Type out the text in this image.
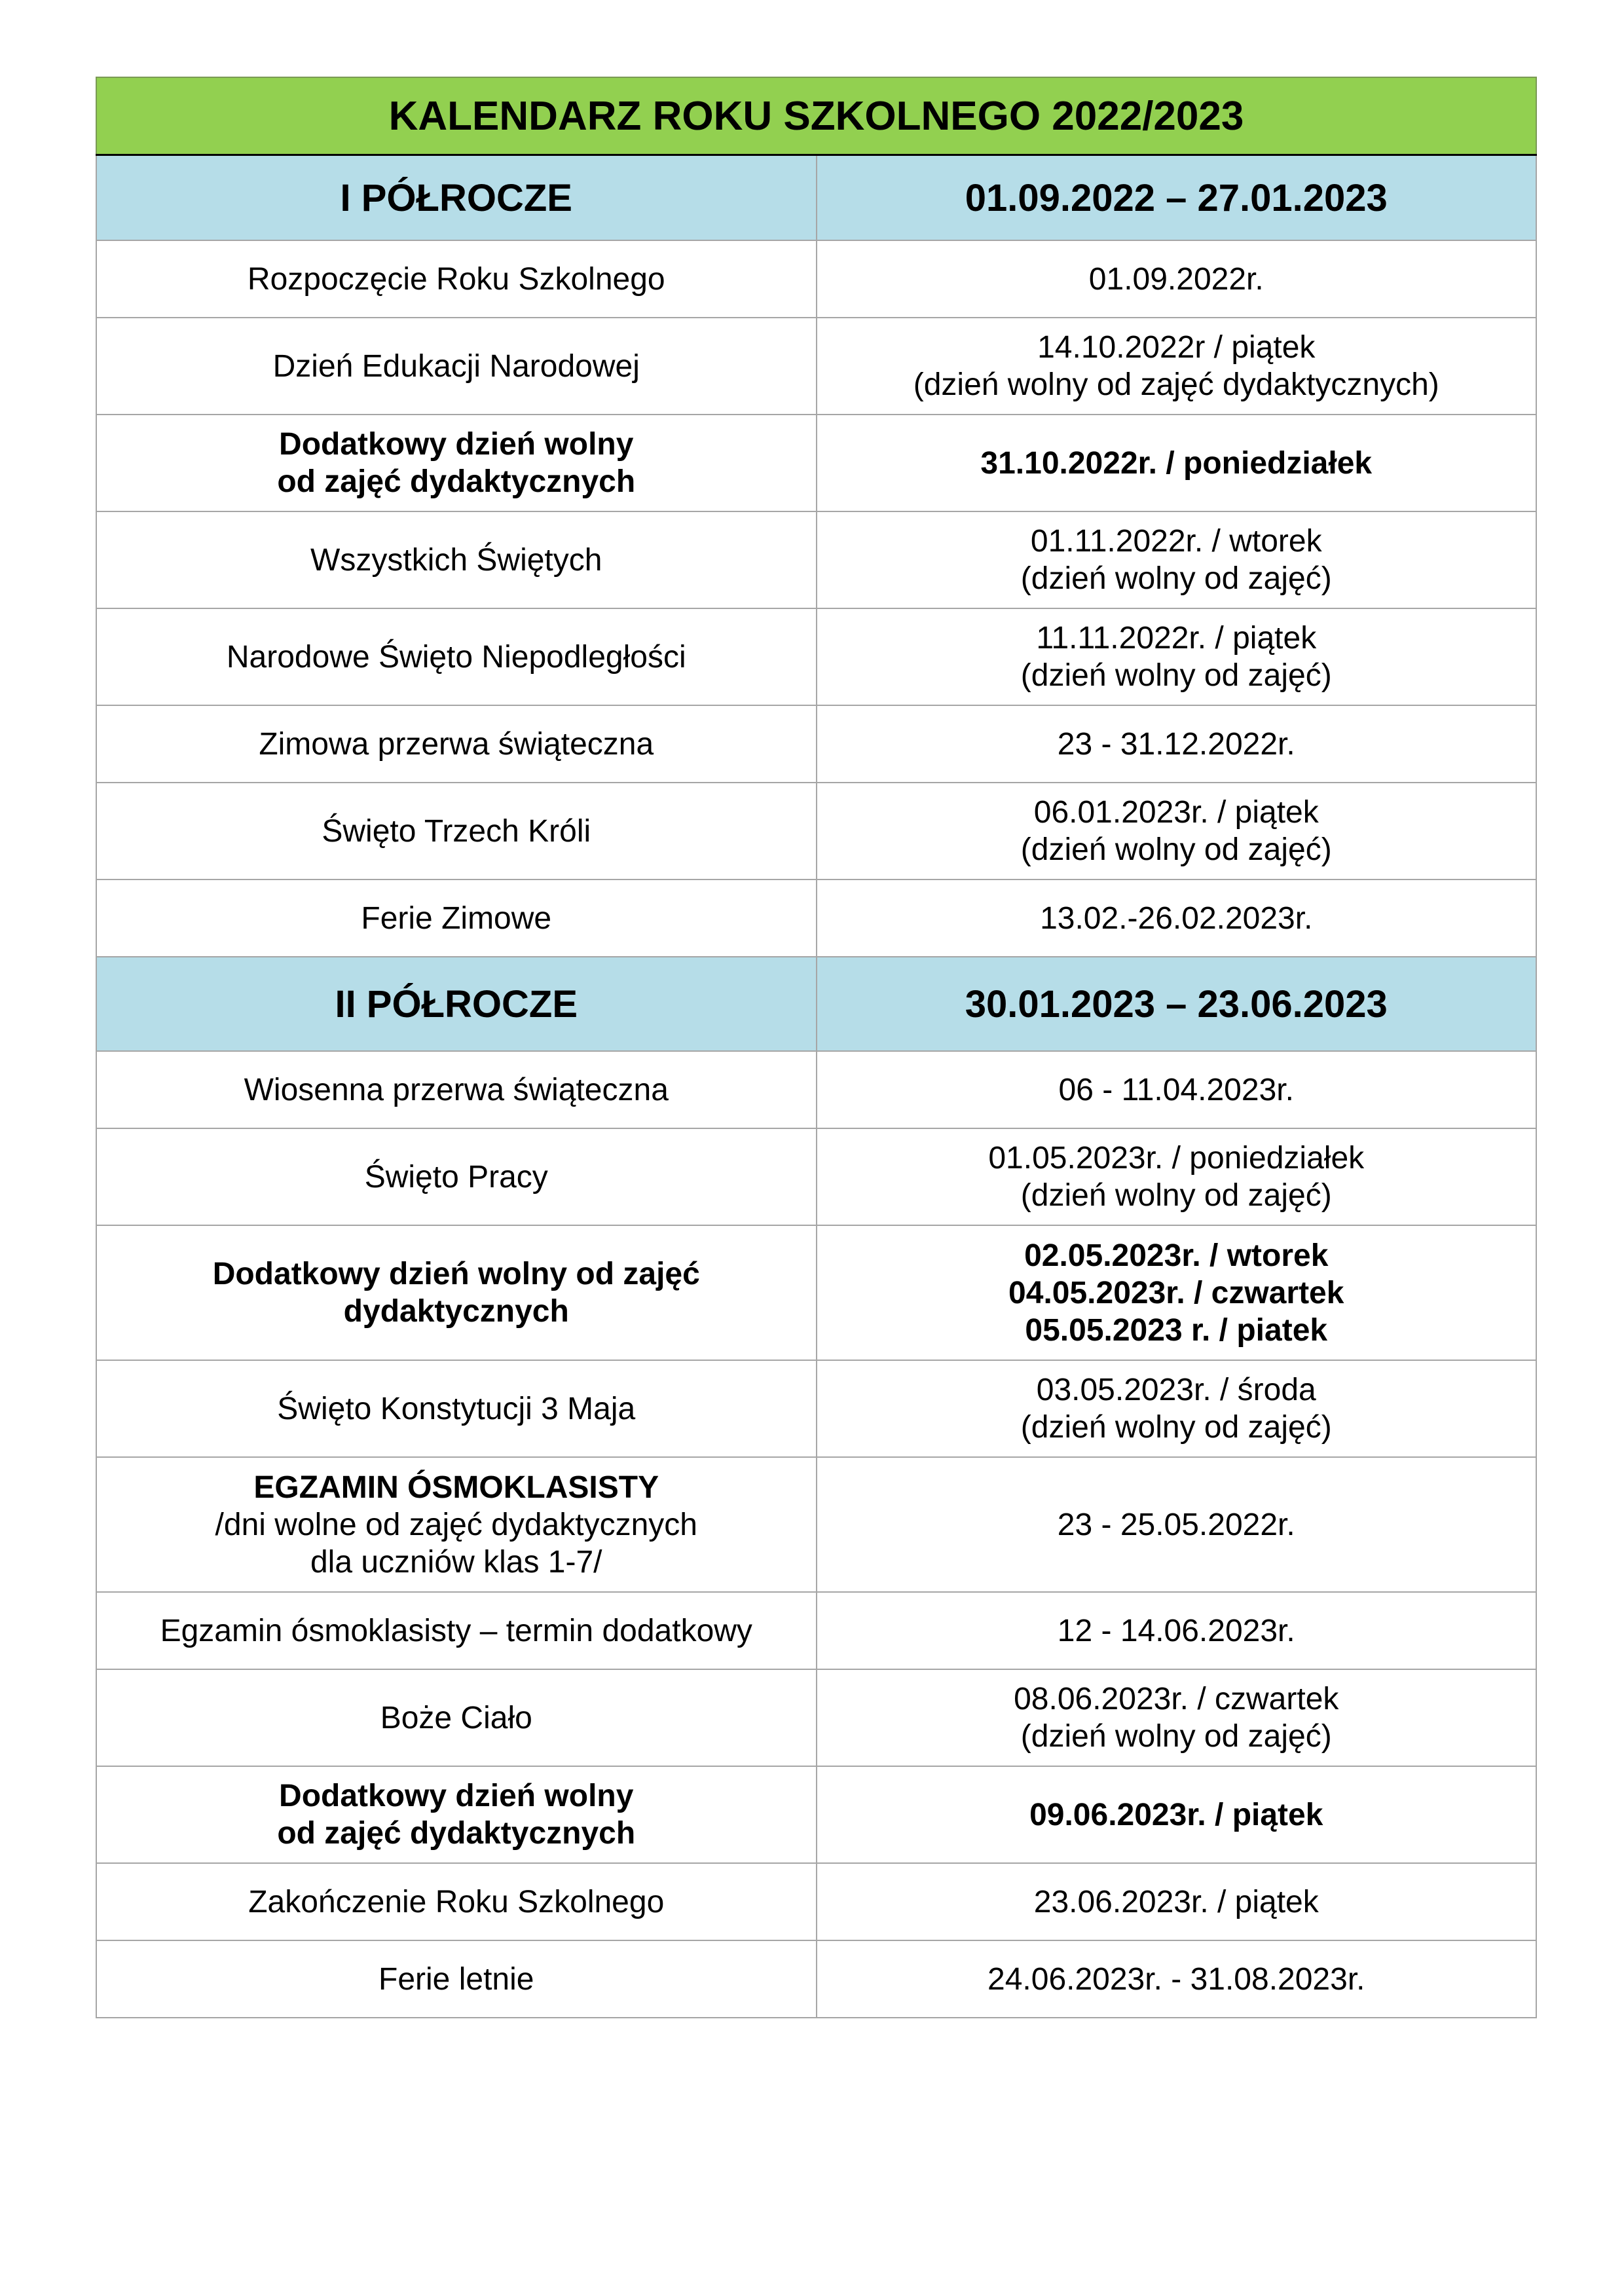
KALENDARZ ROKU SZKOLNEGO 2022/2023	
I PÓŁROCZE	01.09.2022 – 27.01.2023

Rozpoczęcie Roku Szkolnego	01.09.2022r.

Dzień Edukacji Narodowej	14.10.2022r / piątek
(dzień wolny od zajęć dydaktycznych)

Dodatkowy dzień wolny
od zajęć dydaktycznych	31.10.2022r. / poniedziałek

Wszystkich Świętych	01.11.2022r. / wtorek
(dzień wolny od zajęć)

Narodowe Święto Niepodległości	11.11.2022r. / piątek
(dzień wolny od zajęć)

Zimowa przerwa świąteczna	23 - 31.12.2022r.

Święto Trzech Króli	06.01.2023r. / piątek
(dzień wolny od zajęć)

Ferie Zimowe	13.02.-26.02.2023r.

II PÓŁROCZE	30.01.2023 – 23.06.2023

Wiosenna przerwa świąteczna	06 - 11.04.2023r.

Święto Pracy	01.05.2023r. / poniedziałek
(dzień wolny od zajęć)

Dodatkowy dzień wolny od zajęć
dydaktycznych	02.05.2023r. / wtorek
04.05.2023r. / czwartek
05.05.2023 r. / piatek

Święto Konstytucji 3 Maja	03.05.2023r. / środa
(dzień wolny od zajęć)

EGZAMIN ÓSMOKLASISTY
/dni wolne od zajęć dydaktycznych
dla uczniów klas 1-7/	23 - 25.05.2022r.

Egzamin ósmoklasisty – termin dodatkowy	12 - 14.06.2023r.

Boże Ciało	08.06.2023r. / czwartek
(dzień wolny od zajęć)

Dodatkowy dzień wolny
od zajęć dydaktycznych	09.06.2023r. / piątek

Zakończenie Roku Szkolnego	23.06.2023r. / piątek

Ferie letnie	24.06.2023r. - 31.08.2023r.
